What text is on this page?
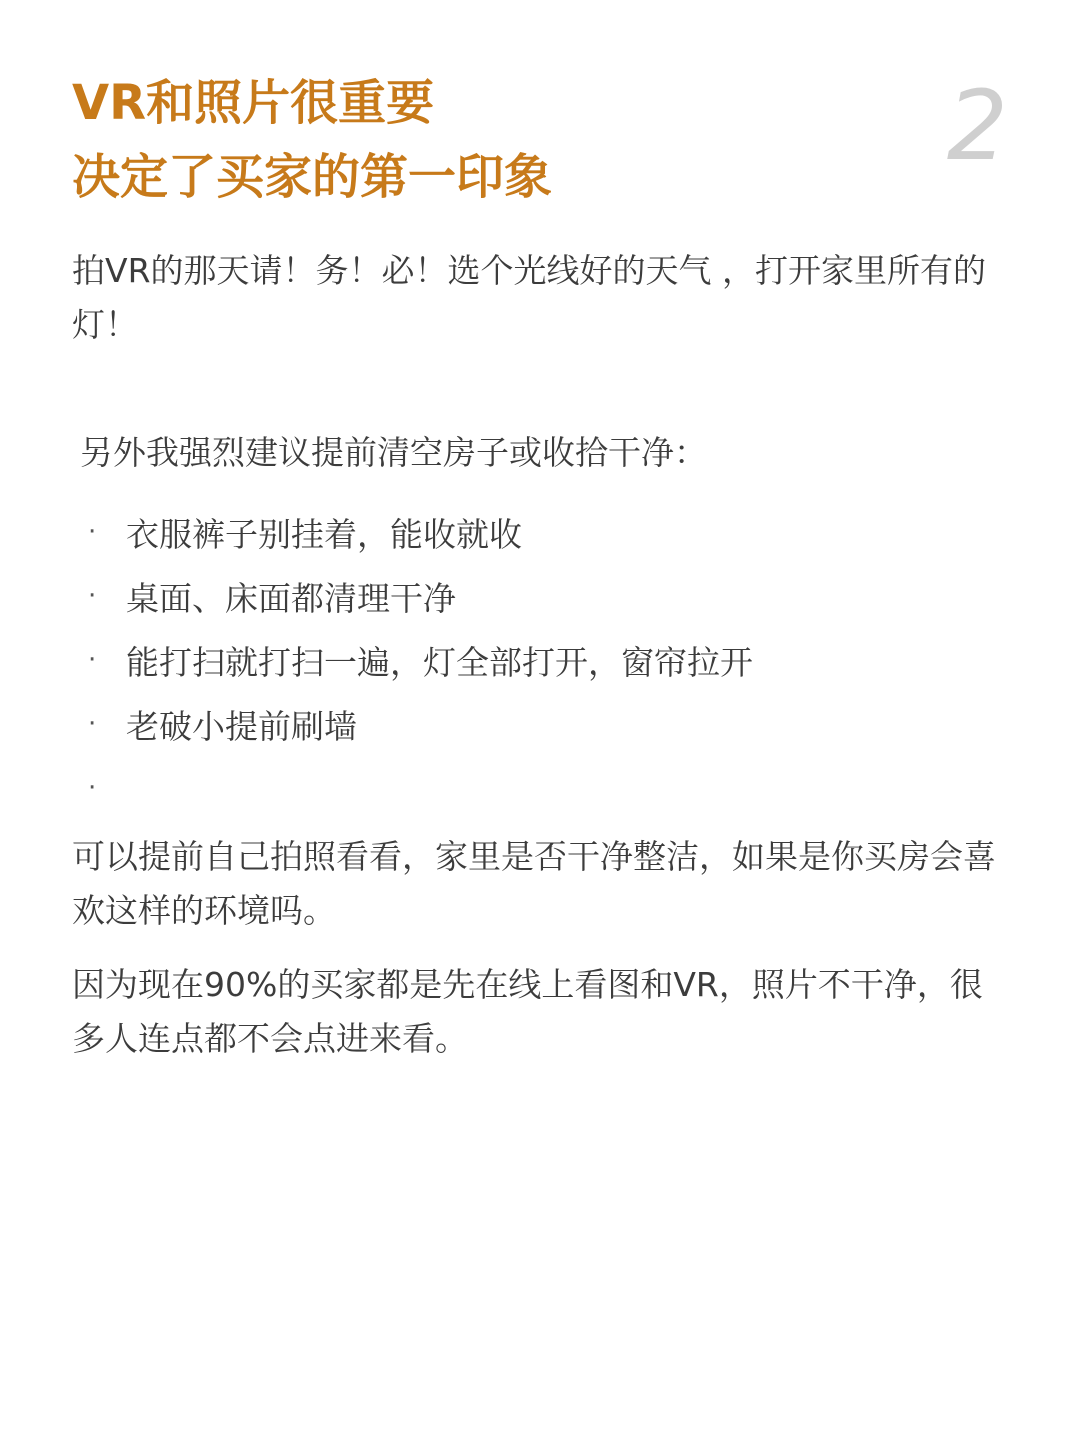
VR和照片很重要
决定了买家的第一印象	2
拍VR的那天请！务！必！选个光线好的天气 ，打开家里所有的灯！
另外我强烈建议提前清空房子或收拾干净：
· 衣服裤子别挂着，能收就收
· 桌面、床面都清理干净
· 能打扫就打扫一遍，灯全部打开，窗帘拉开
· 老破小提前刷墙
·
可以提前自己拍照看看，家里是否干净整洁，如果是你买房会喜欢这样的环境吗。
因为现在90%的买家都是先在线上看图和VR，照片不干净，很多人连点都不会点进来看。
